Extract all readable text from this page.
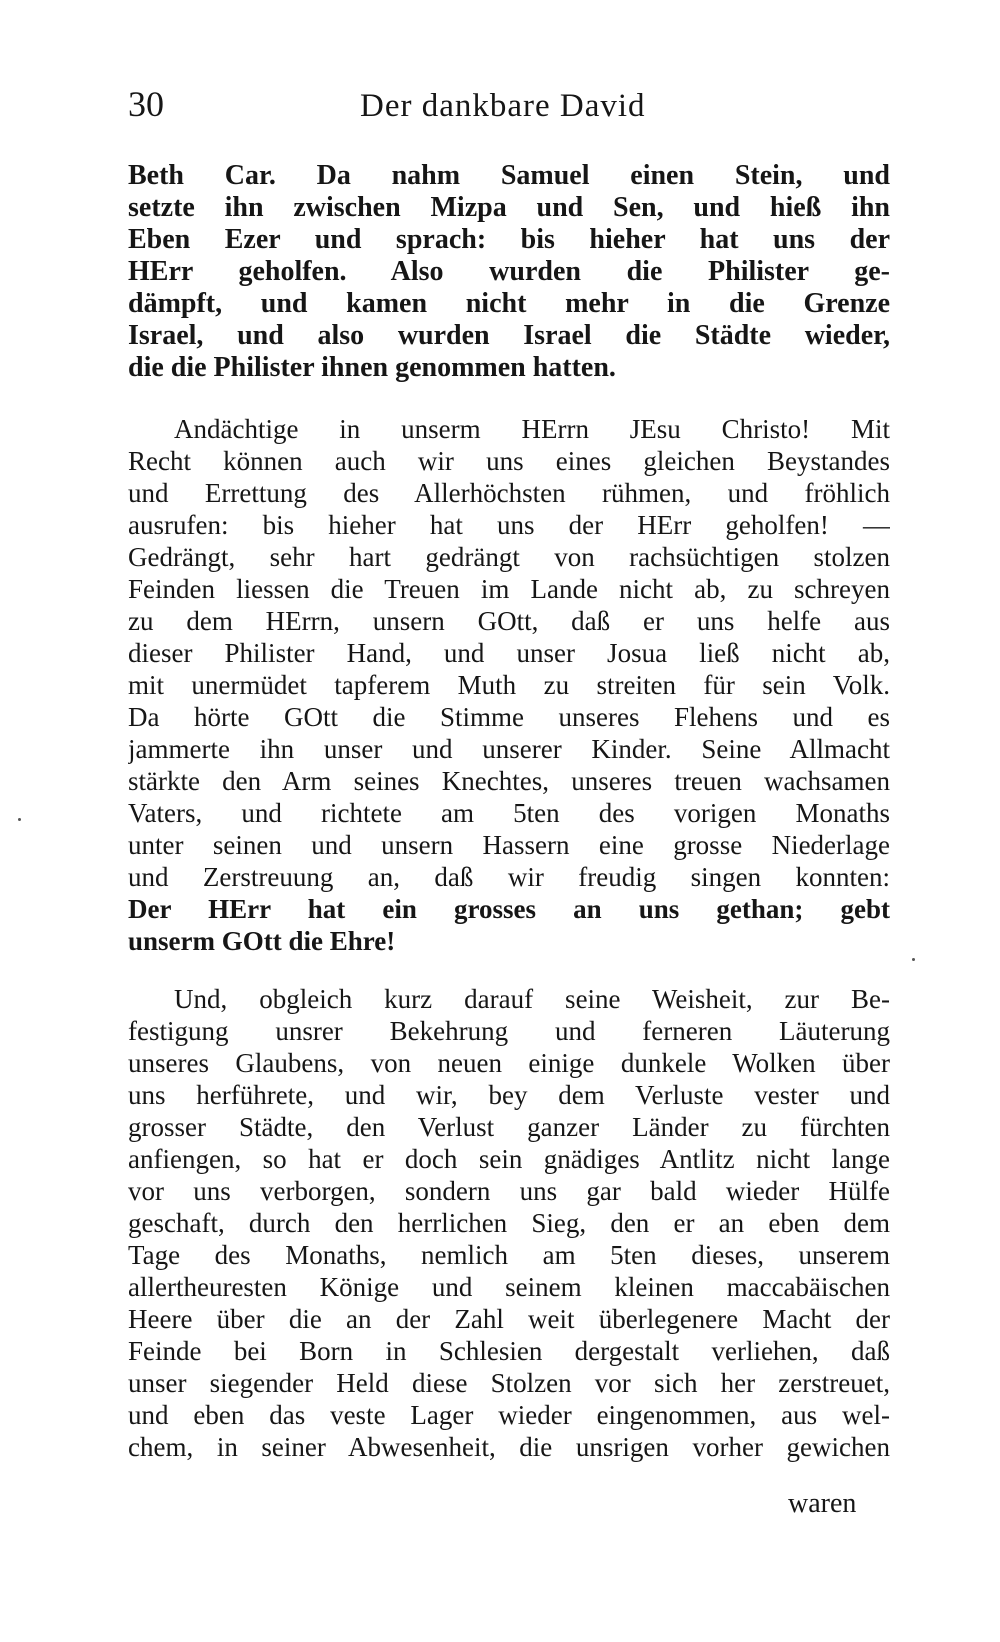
30	Der dankbare David
Beth Car. Da nahm Samuel einen Stein, und
setzte ihn zwischen Mizpa und Sen, und hieß ihn
Eben Ezer und sprach: bis hieher hat uns der
HErr geholfen. Also wurden die Philister ge-
dämpft, und kamen nicht mehr in die Grenze
Israel, und also wurden Israel die Städte wieder,
die die Philister ihnen genommen hatten.
Andächtige in unserm HErrn JEsu Christo! Mit
Recht können auch wir uns eines gleichen Beystandes
und Errettung des Allerhöchsten rühmen, und fröhlich
ausrufen: bis hieher hat uns der HErr geholfen! —
Gedrängt, sehr hart gedrängt von rachsüchtigen stolzen
Feinden liessen die Treuen im Lande nicht ab, zu schreyen
zu dem HErrn, unsern GOtt, daß er uns helfe aus
dieser Philister Hand, und unser Josua ließ nicht ab,
mit unermüdet tapferem Muth zu streiten für sein Volk.
Da hörte GOtt die Stimme unseres Flehens und es
jammerte ihn unser und unserer Kinder. Seine Allmacht
stärkte den Arm seines Knechtes, unseres treuen wachsamen
Vaters, und richtete am 5ten des vorigen Monaths
unter seinen und unsern Hassern eine grosse Niederlage
und Zerstreuung an, daß wir freudig singen konnten:
Der HErr hat ein grosses an uns gethan; gebt
unserm GOtt die Ehre!
Und, obgleich kurz darauf seine Weisheit, zur Be-
festigung unsrer Bekehrung und ferneren Läuterung
unseres Glaubens, von neuen einige dunkele Wolken über
uns herführete, und wir, bey dem Verluste vester und
grosser Städte, den Verlust ganzer Länder zu fürchten
anfiengen, so hat er doch sein gnädiges Antlitz nicht lange
vor uns verborgen, sondern uns gar bald wieder Hülfe
geschaft, durch den herrlichen Sieg, den er an eben dem
Tage des Monaths, nemlich am 5ten dieses, unserem
allertheuresten Könige und seinem kleinen maccabäischen
Heere über die an der Zahl weit überlegenere Macht der
Feinde bei Born in Schlesien dergestalt verliehen, daß
unser siegender Held diese Stolzen vor sich her zerstreuet,
und eben das veste Lager wieder eingenommen, aus wel-
chem, in seiner Abwesenheit, die unsrigen vorher gewichen
waren
